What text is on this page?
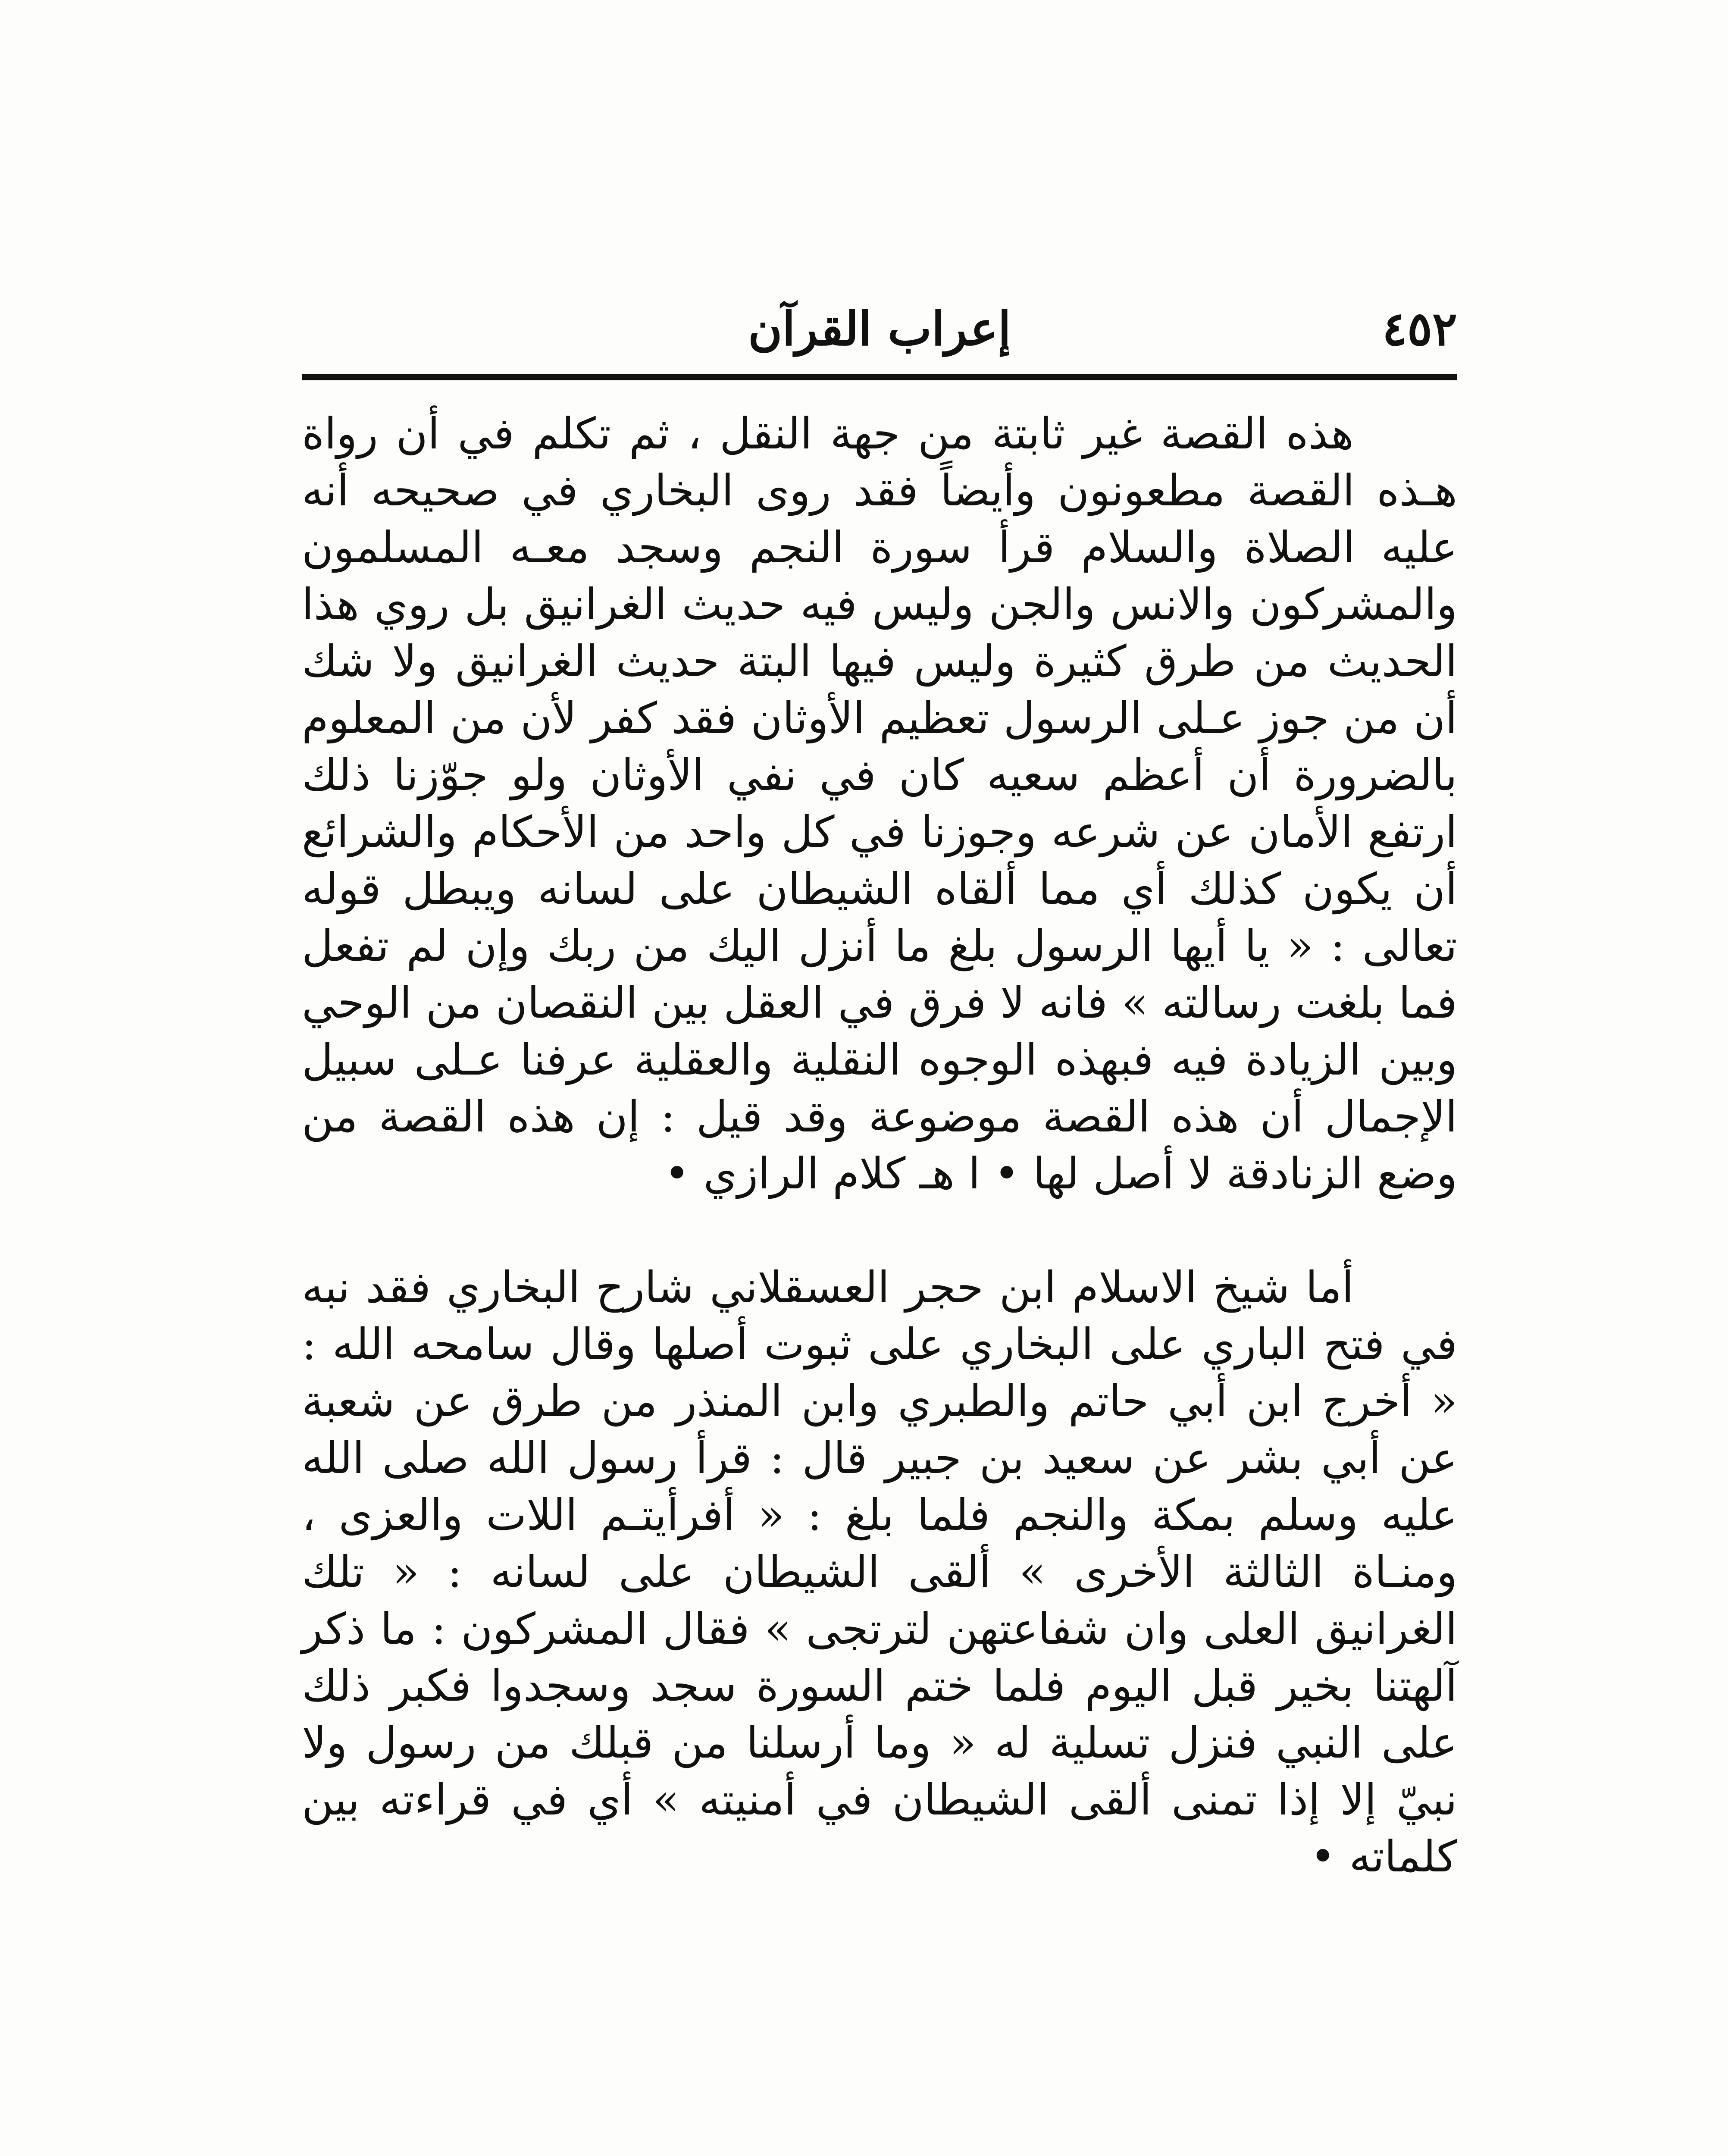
٤٥٢
إعراب القرآن

هذه القصة غير ثابتة من جهة النقل ، ثم تكلم في أن رواة هـذه القصة مطعونون وأيضاً فقد روى البخاري في صحيحه أنه عليه الصلاة والسلام قرأ سورة النجم وسجد معـه المسلمون والمشركون والانس والجن وليس فيه حديث الغرانيق بل روي هذا الحديث من طرق كثيرة وليس فيها البتة حديث الغرانيق ولا شك أن من جوز عـلى الرسول تعظيم الأوثان فقد كفر لأن من المعلوم بالضرورة أن أعظم سعيه كان في نفي الأوثان ولو جوّزنا ذلك ارتفع الأمان عن شرعه وجوزنا في كل واحد من الأحكام والشرائع أن يكون كذلك أي مما ألقاه الشيطان على لسانه ويبطل قوله تعالى : « يا أيها الرسول بلغ ما أنزل اليك من ربك وإن لم تفعل فما بلغت رسالته » فانه لا فرق في العقل بين النقصان من الوحي وبين الزيادة فيه فبهذه الوجوه النقلية والعقلية عرفنا عـلى سبيل الإجمال أن هذه القصة موضوعة وقد قيل : إن هذه القصة من وضع الزنادقة لا أصل لها • ا هـ كلام الرازي •

أما شيخ الاسلام ابن حجر العسقلاني شارح البخاري فقد نبه في فتح الباري على البخاري على ثبوت أصلها وقال سامحه الله : « أخرج ابن أبي حاتم والطبري وابن المنذر من طرق عن شعبة عن أبي بشر عن سعيد بن جبير قال : قرأ رسول الله صلى الله عليه وسلم بمكة والنجم فلما بلغ : « أفرأيتـم اللات والعزى ، ومنـاة الثالثة الأخرى » ألقى الشيطان على لسانه : « تلك الغرانيق العلى وان شفاعتهن لترتجى » فقال المشركون : ما ذكر آلهتنا بخير قبل اليوم فلما ختم السورة سجد وسجدوا فكبر ذلك على النبي فنزل تسلية له « وما أرسلنا من قبلك من رسول ولا نبيّ إلا إذا تمنى ألقى الشيطان في أمنيته » أي في قراءته بين كلماته •
